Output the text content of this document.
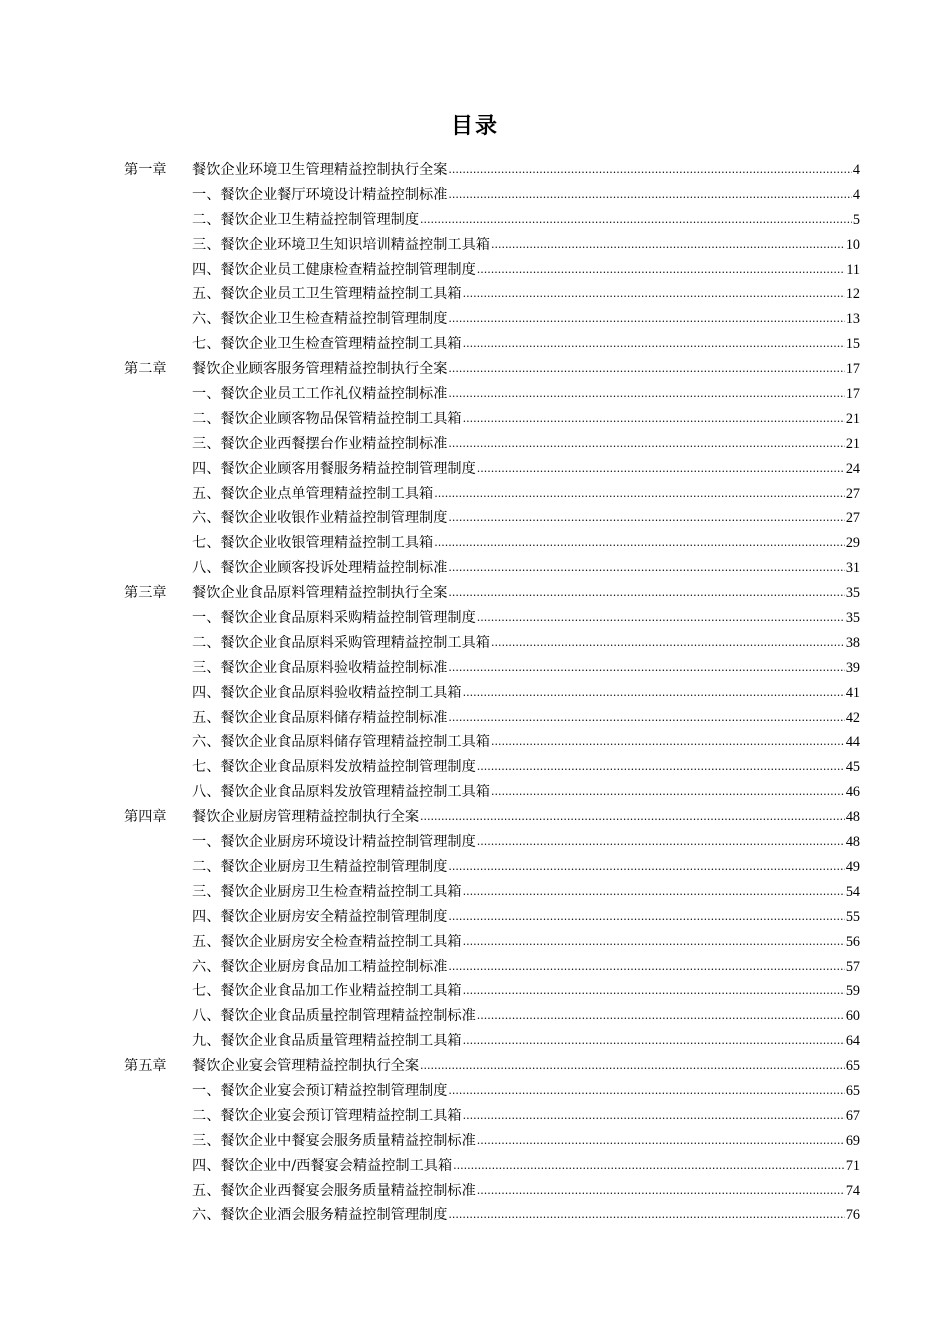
目录
第一章	餐饮企业环境卫生管理精益控制执行全案 .....	4
一、餐饮企业餐厅环境设计精益控制标准 .....	4
二、餐饮企业卫生精益控制管理制度 .....	5
三、餐饮企业环境卫生知识培训精益控制工具箱 .....	10
四、餐饮企业员工健康检查精益控制管理制度 .....	11
五、餐饮企业员工卫生管理精益控制工具箱 .....	12
六、餐饮企业卫生检查精益控制管理制度 .....	13
七、餐饮企业卫生检查管理精益控制工具箱 .....	15
第二章	餐饮企业顾客服务管理精益控制执行全案 .....	17
一、餐饮企业员工工作礼仪精益控制标准 .....	17
二、餐饮企业顾客物品保管精益控制工具箱 .....	21
三、餐饮企业西餐摆台作业精益控制标准 .....	21
四、餐饮企业顾客用餐服务精益控制管理制度 .....	24
五、餐饮企业点单管理精益控制工具箱 .....	27
六、餐饮企业收银作业精益控制管理制度 .....	27
七、餐饮企业收银管理精益控制工具箱 .....	29
八、餐饮企业顾客投诉处理精益控制标准 .....	31
第三章	餐饮企业食品原料管理精益控制执行全案 .....	35
一、餐饮企业食品原料采购精益控制管理制度 .....	35
二、餐饮企业食品原料采购管理精益控制工具箱 .....	38
三、餐饮企业食品原料验收精益控制标准 .....	39
四、餐饮企业食品原料验收精益控制工具箱 .....	41
五、餐饮企业食品原料储存精益控制标准 .....	42
六、餐饮企业食品原料储存管理精益控制工具箱 .....	44
七、餐饮企业食品原料发放精益控制管理制度 .....	45
八、餐饮企业食品原料发放管理精益控制工具箱 .....	46
第四章	餐饮企业厨房管理精益控制执行全案 .....	48
一、餐饮企业厨房环境设计精益控制管理制度 .....	48
二、餐饮企业厨房卫生精益控制管理制度 .....	49
三、餐饮企业厨房卫生检查精益控制工具箱 .....	54
四、餐饮企业厨房安全精益控制管理制度 .....	55
五、餐饮企业厨房安全检查精益控制工具箱 .....	56
六、餐饮企业厨房食品加工精益控制标准 .....	57
七、餐饮企业食品加工作业精益控制工具箱 .....	59
八、餐饮企业食品质量控制管理精益控制标准 .....	60
九、餐饮企业食品质量管理精益控制工具箱 .....	64
第五章	餐饮企业宴会管理精益控制执行全案 .....	65
一、餐饮企业宴会预订精益控制管理制度 .....	65
二、餐饮企业宴会预订管理精益控制工具箱 .....	67
三、餐饮企业中餐宴会服务质量精益控制标准 .....	69
四、餐饮企业中/西餐宴会精益控制工具箱 .....	71
五、餐饮企业西餐宴会服务质量精益控制标准 .....	74
六、餐饮企业酒会服务精益控制管理制度 .....	76
